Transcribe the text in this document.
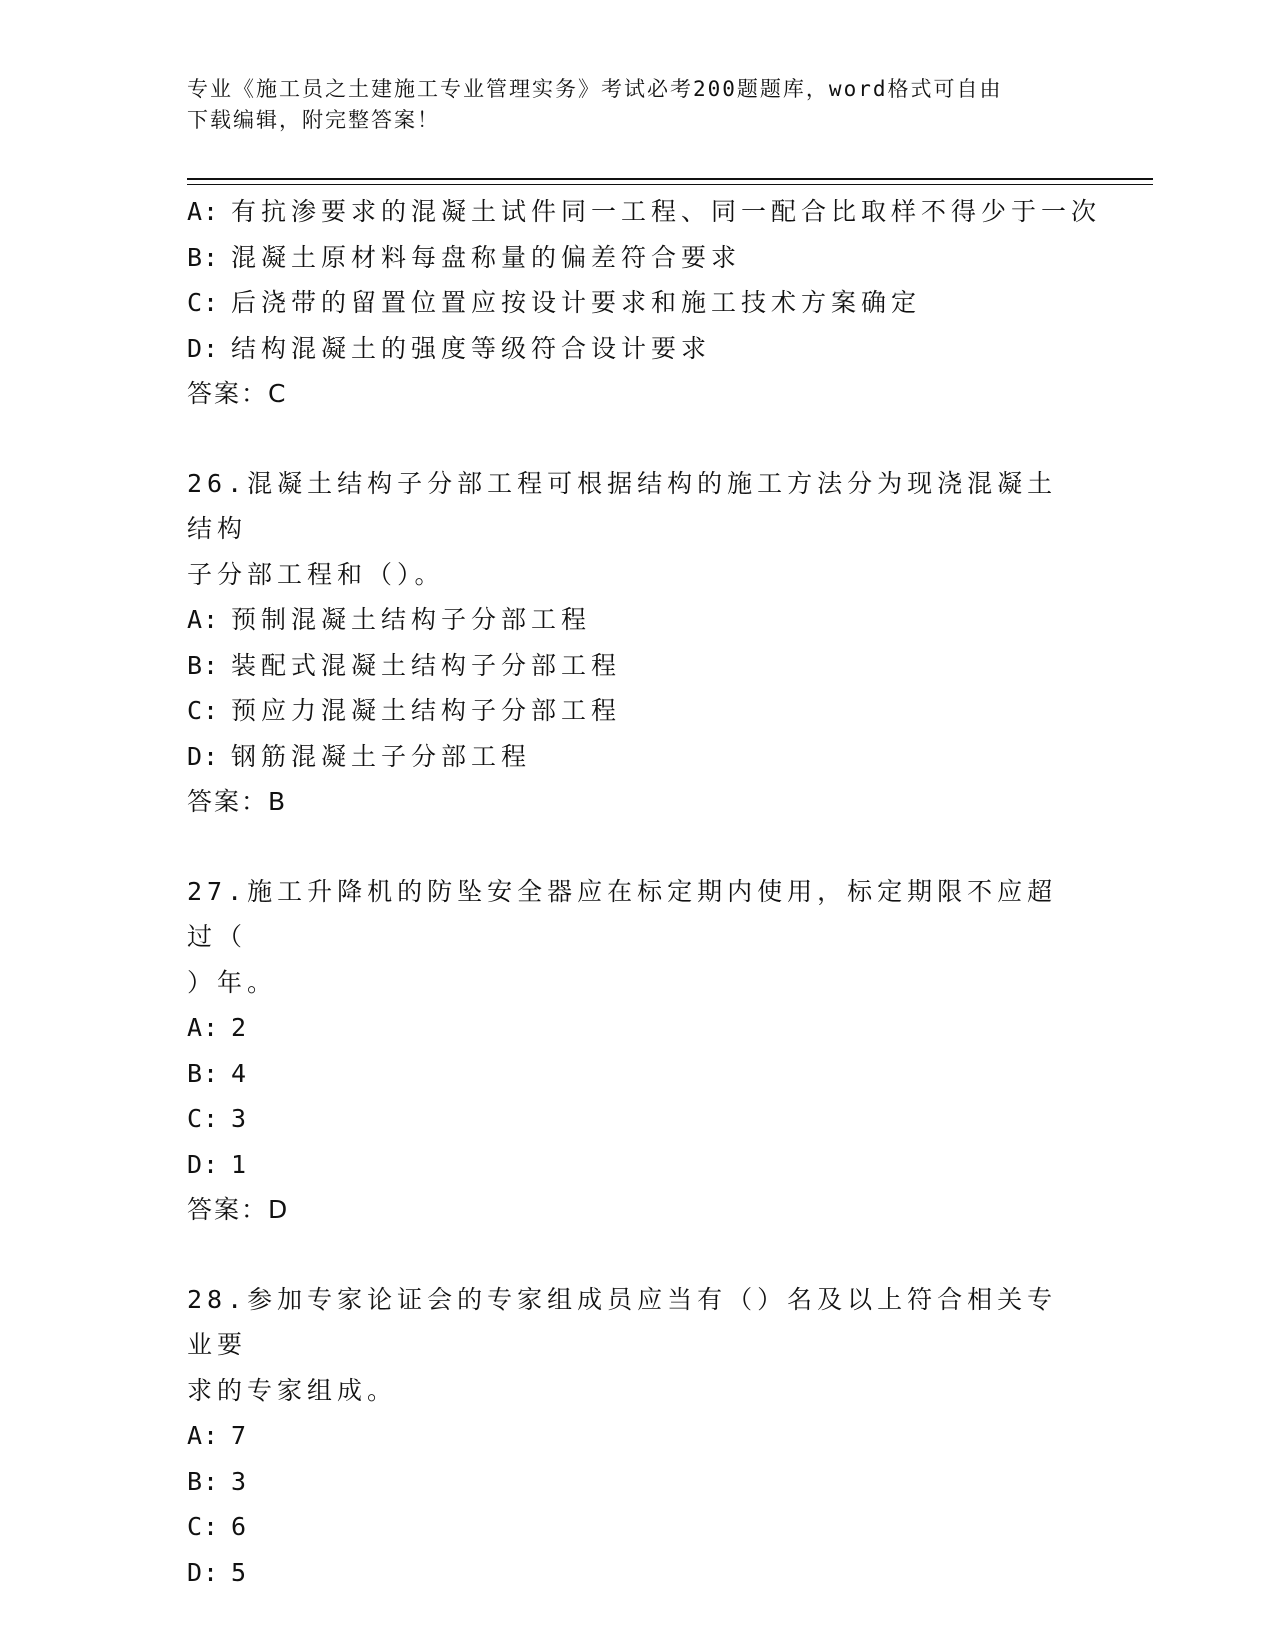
专业《施工员之土建施工专业管理实务》考试必考200题题库，word格式可自由
下载编辑，附完整答案！
A: 有抗渗要求的混凝土试件同一工程、同一配合比取样不得少于一次
B: 混凝土原材料每盘称量的偏差符合要求
C: 后浇带的留置位置应按设计要求和施工技术方案确定
D: 结构混凝土的强度等级符合设计要求
答案：C
26.混凝土结构子分部工程可根据结构的施工方法分为现浇混凝土结构
子分部工程和（）。
A: 预制混凝土结构子分部工程
B: 装配式混凝土结构子分部工程
C: 预应力混凝土结构子分部工程
D: 钢筋混凝土子分部工程
答案：B
27.施工升降机的防坠安全器应在标定期内使用，标定期限不应超过（
）年。
A: 2
B: 4
C: 3
D: 1
答案：D
28.参加专家论证会的专家组成员应当有（）名及以上符合相关专业要
求的专家组成。
A: 7
B: 3
C: 6
D: 5
